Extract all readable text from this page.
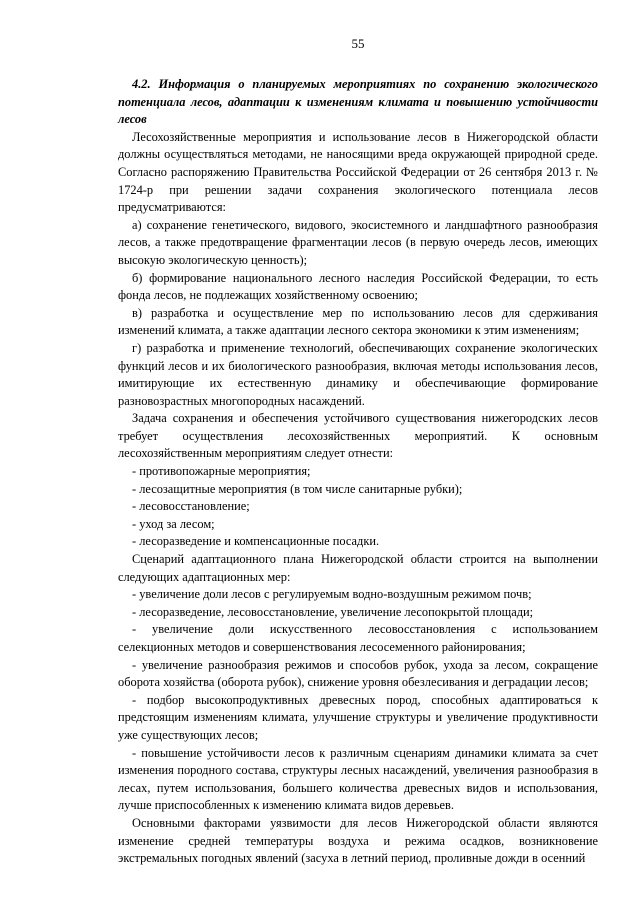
55

4.2. Информация о планируемых мероприятиях по сохранению экологического потенциала лесов, адаптации к изменениям климата и повышению устойчивости лесов

Лесохозяйственные мероприятия и использование лесов в Нижегородской области должны осуществляться методами, не наносящими вреда окружающей природной среде. Согласно распоряжению Правительства Российской Федерации от 26 сентября 2013 г. № 1724-р при решении задачи сохранения экологического потенциала лесов предусматриваются:

а) сохранение генетического, видового, экосистемного и ландшафтного разнообразия лесов, а также предотвращение фрагментации лесов (в первую очередь лесов, имеющих высокую экологическую ценность);

б) формирование национального лесного наследия Российской Федерации, то есть фонда лесов, не подлежащих хозяйственному освоению;

в) разработка и осуществление мер по использованию лесов для сдерживания изменений климата, а также адаптации лесного сектора экономики к этим изменениям;

г) разработка и применение технологий, обеспечивающих сохранение экологических функций лесов и их биологического разнообразия, включая методы использования лесов, имитирующие их естественную динамику и обеспечивающие формирование разновозрастных многопородных насаждений.

Задача сохранения и обеспечения устойчивого существования нижегородских лесов требует осуществления лесохозяйственных мероприятий. К основным лесохозяйственным мероприятиям следует отнести:

- противопожарные мероприятия;

- лесозащитные мероприятия (в том числе санитарные рубки);

- лесовосстановление;

- уход за лесом;

- лесоразведение и компенсационные посадки.

Сценарий адаптационного плана Нижегородской области строится на выполнении следующих адаптационных мер:

- увеличение доли лесов с регулируемым водно-воздушным режимом почв;

- лесоразведение, лесовосстановление, увеличение лесопокрытой площади;

- увеличение доли искусственного лесовосстановления с использованием селекционных методов и совершенствования лесосеменного районирования;

- увеличение разнообразия режимов и способов рубок, ухода за лесом, сокращение оборота хозяйства (оборота рубок), снижение уровня обезлесивания и деградации лесов;

- подбор высокопродуктивных древесных пород, способных адаптироваться к предстоящим изменениям климата, улучшение структуры и увеличение продуктивности уже существующих лесов;

- повышение устойчивости лесов к различным сценариям динамики климата за счет изменения породного состава, структуры лесных насаждений, увеличения разнообразия в лесах, путем использования, большего количества древесных видов и использования, лучше приспособленных к изменению климата видов деревьев.

Основными факторами уязвимости для лесов Нижегородской области являются изменение средней температуры воздуха и режима осадков, возникновение экстремальных погодных явлений (засуха в летний период, проливные дожди в осенний
